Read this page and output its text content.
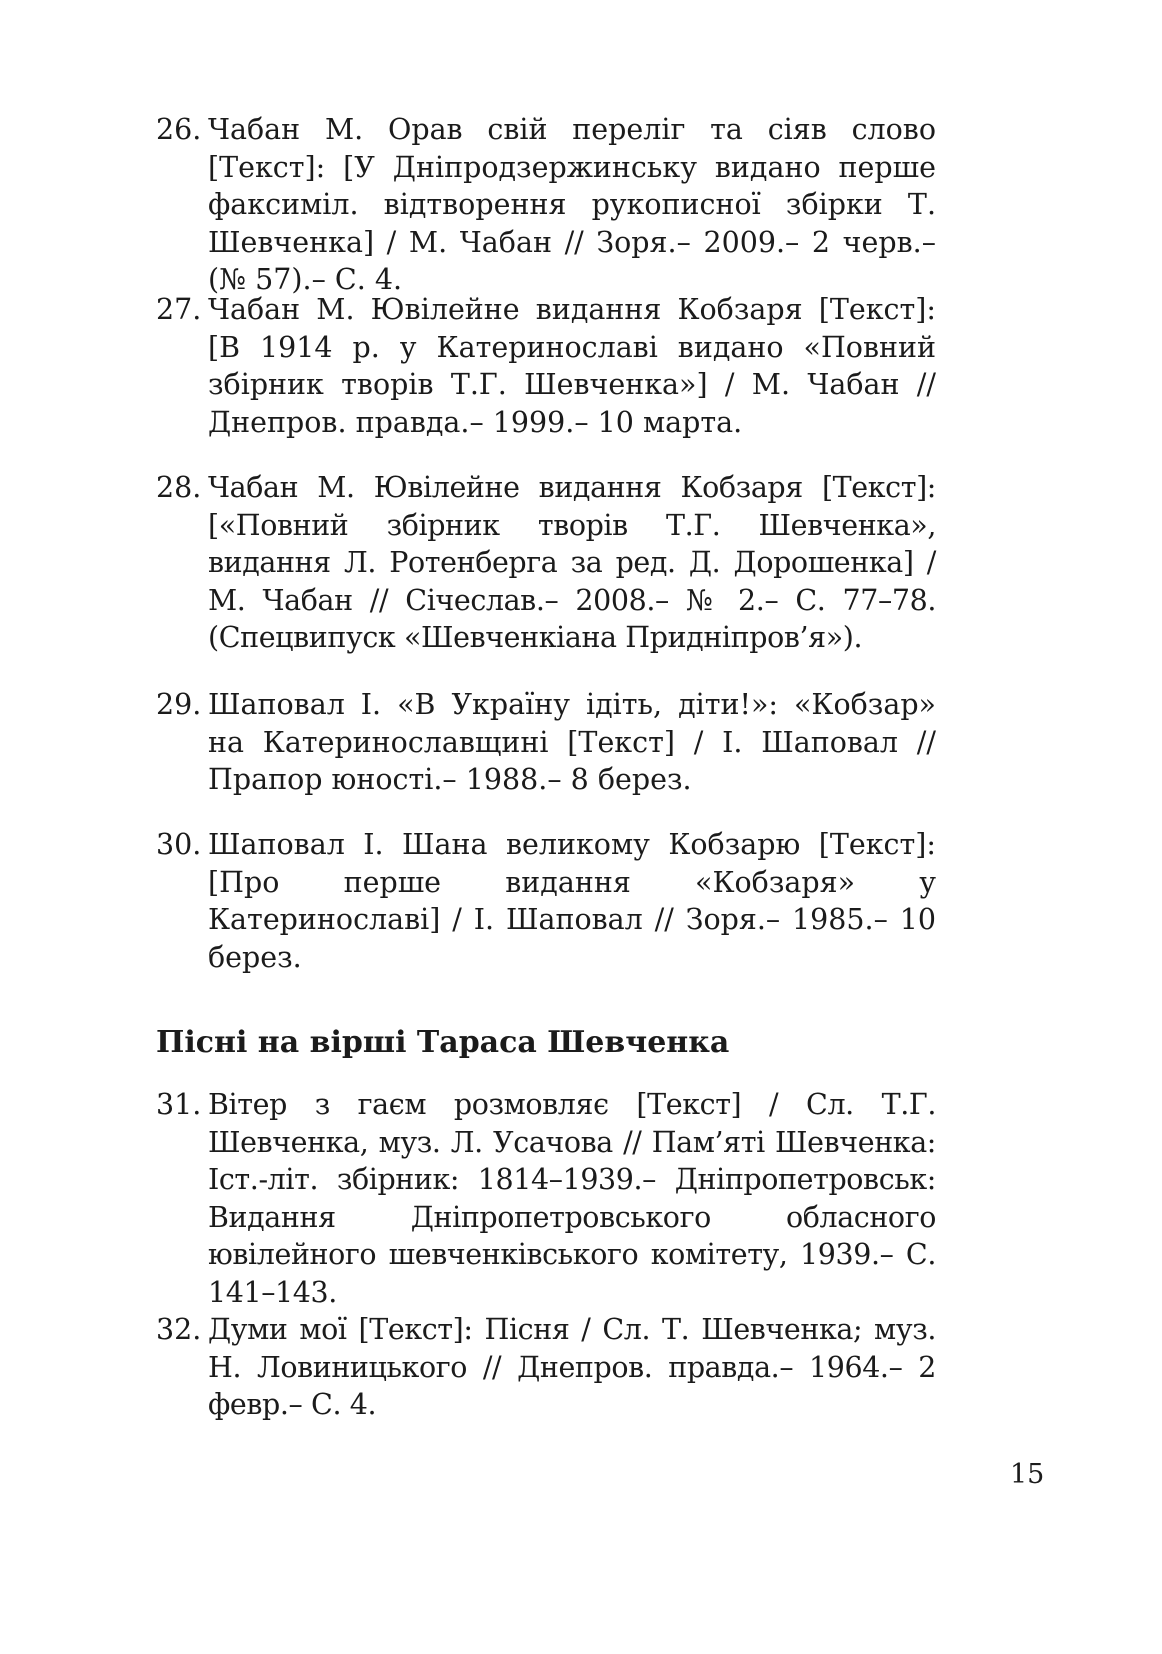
26. Чабан М. Орав свій переліг та сіяв слово [Текст]: [У Дніпродзержинську видано перше факсиміл. відтворення рукописної збірки Т. Шевченка] / М. Чабан // Зоря.– 2009.– 2 черв.– (№ 57).– С. 4.
27. Чабан М. Ювілейне видання Кобзаря [Текст]: [В 1914 р. у Катеринославі видано «Повний збірник творів Т.Г. Шевченка»] / М. Чабан // Днепров. правда.– 1999.– 10 марта.
28. Чабан М. Ювілейне видання Кобзаря [Текст]: [«Повний збірник творів Т.Г. Шевченка», видання Л. Ротенберга за ред. Д. Дорошенка] / М. Чабан // Січеслав.– 2008.– № 2.– С. 77–78. (Спецвипуск «Шевченкіана Придніпров’я»).
29. Шаповал І. «В Україну ідіть, діти!»: «Кобзар» на Катеринославщині [Текст] / І. Шаповал // Прапор юності.– 1988.– 8 берез.
30. Шаповал І. Шана великому Кобзарю [Текст]: [Про перше видання «Кобзаря» у Катеринославі] / І. Шаповал // Зоря.– 1985.– 10 берез.
Пісні на вірші Тараса Шевченка
31. Вітер з гаєм розмовляє [Текст] / Сл. Т.Г. Шевченка, муз. Л. Усачова // Пам’яті Шевченка: Іст.-літ. збірник: 1814–1939.– Дніпропетровськ: Видання Дніпропетровського обласного ювілейного шевченківського комітету, 1939.– С. 141–143.
32. Думи мої [Текст]: Пісня / Сл. Т. Шевченка; муз. Н. Ловиницького // Днепров. правда.– 1964.– 2 февр.– С. 4.
15
